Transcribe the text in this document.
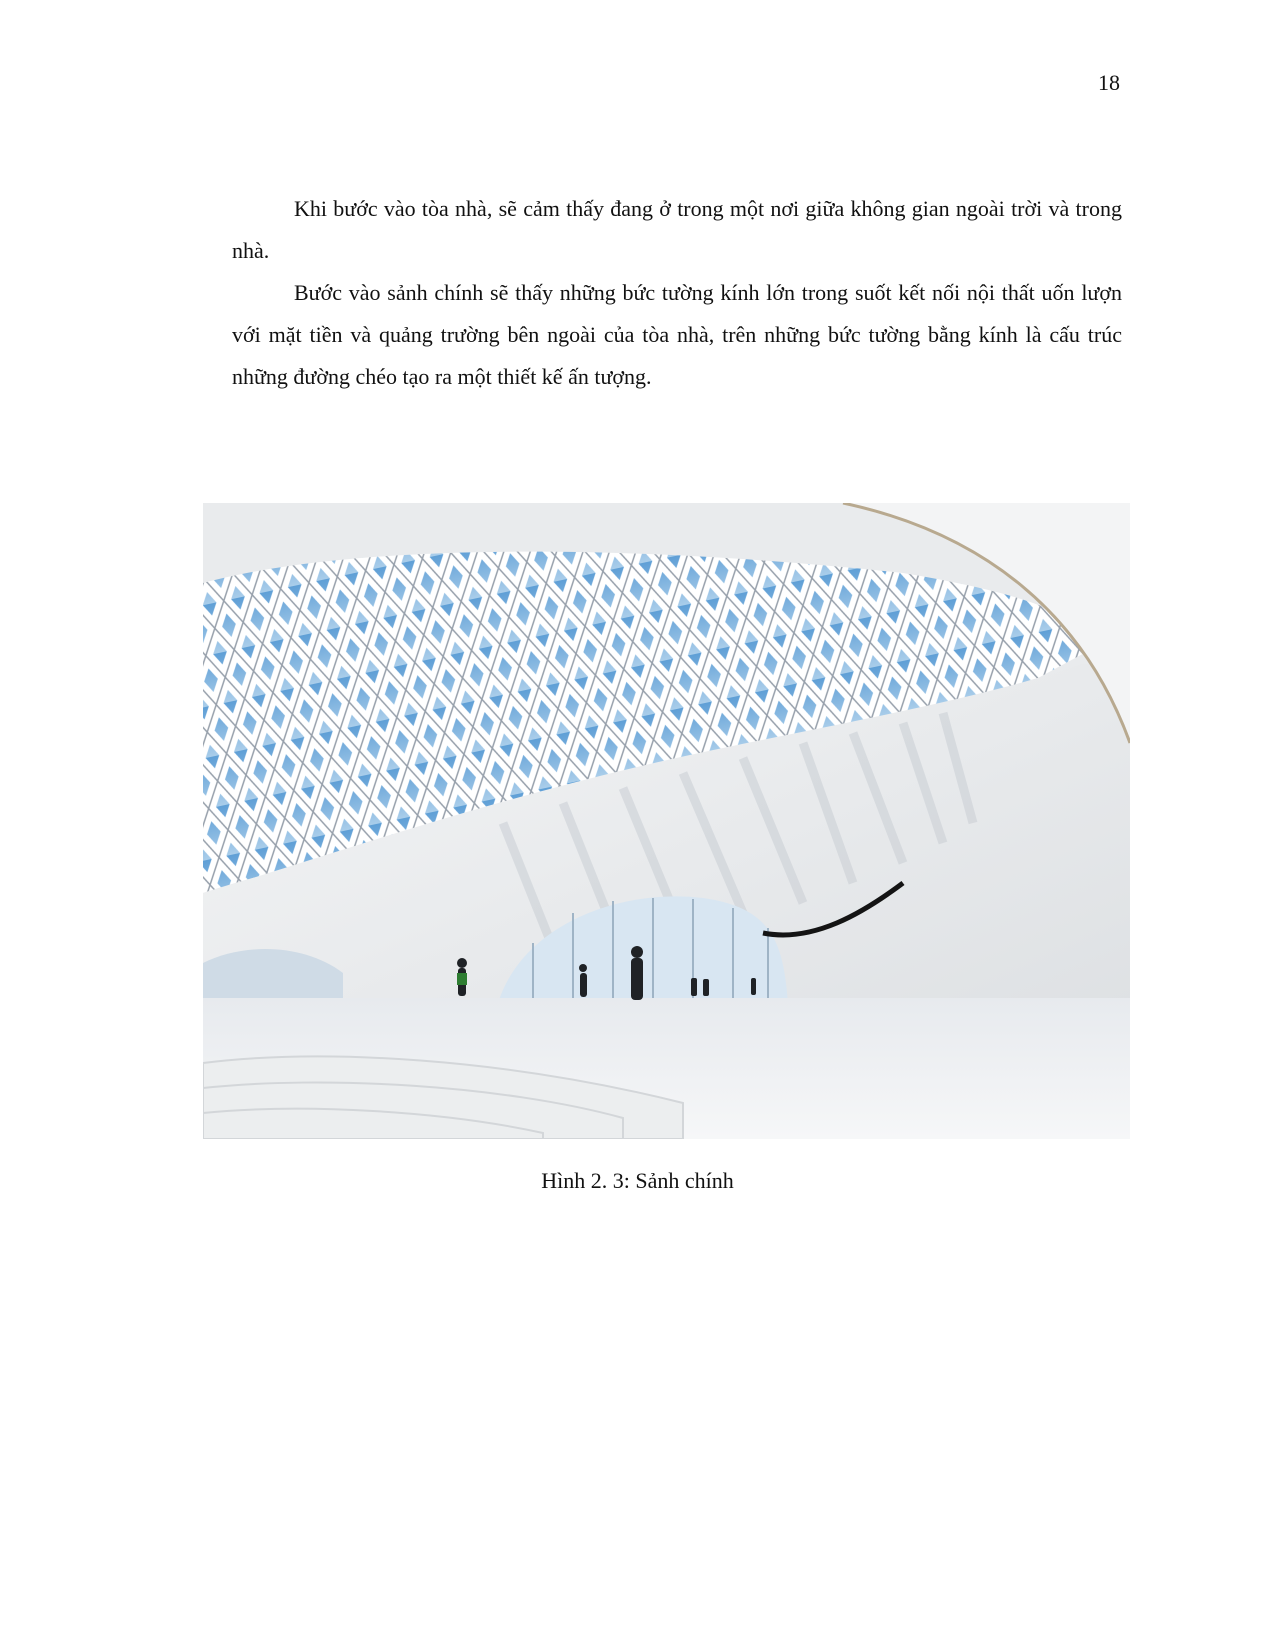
18

Khi bước vào tòa nhà, sẽ cảm thấy đang ở trong một nơi giữa không gian ngoài trời và trong nhà.

Bước vào sảnh chính sẽ thấy những bức tường kính lớn trong suốt kết nối nội thất uốn lượn với mặt tiền và quảng trường bên ngoài của tòa nhà, trên những bức tường bằng kính là cấu trúc những đường chéo tạo ra một thiết kế ấn tượng.

Hình 2. 3: Sảnh chính
